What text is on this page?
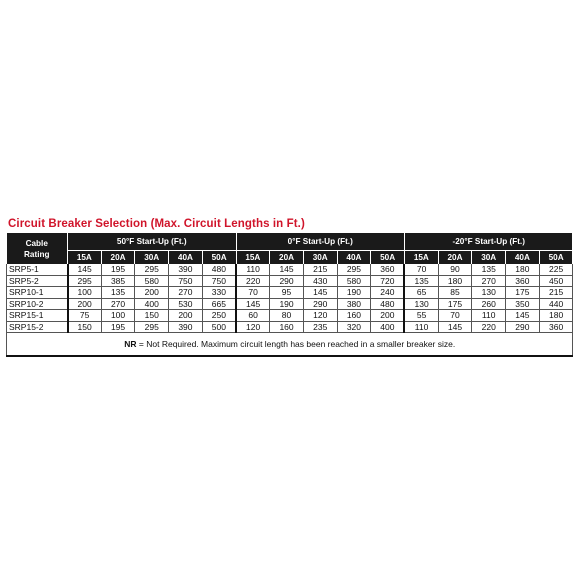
Circuit Breaker Selection (Max. Circuit Lengths in Ft.)
Cable Rating	50°F Start-Up (Ft.)					0°F Start-Up (Ft.)					-20°F Start-Up (Ft.)				
	15A	20A	30A	40A	50A	15A	20A	30A	40A	50A	15A	20A	30A	40A	50A
SRP5-1	145	195	295	390	480	110	145	215	295	360	70	90	135	180	225
SRP5-2	295	385	580	750	750	220	290	430	580	720	135	180	270	360	450
SRP10-1	100	135	200	270	330	70	95	145	190	240	65	85	130	175	215
SRP10-2	200	270	400	530	665	145	190	290	380	480	130	175	260	350	440
SRP15-1	75	100	150	200	250	60	80	120	160	200	55	70	110	145	180
SRP15-2	150	195	295	390	500	120	160	235	320	400	110	145	220	290	360
NR = Not Required. Maximum circuit length has been reached in a smaller breaker size.															
